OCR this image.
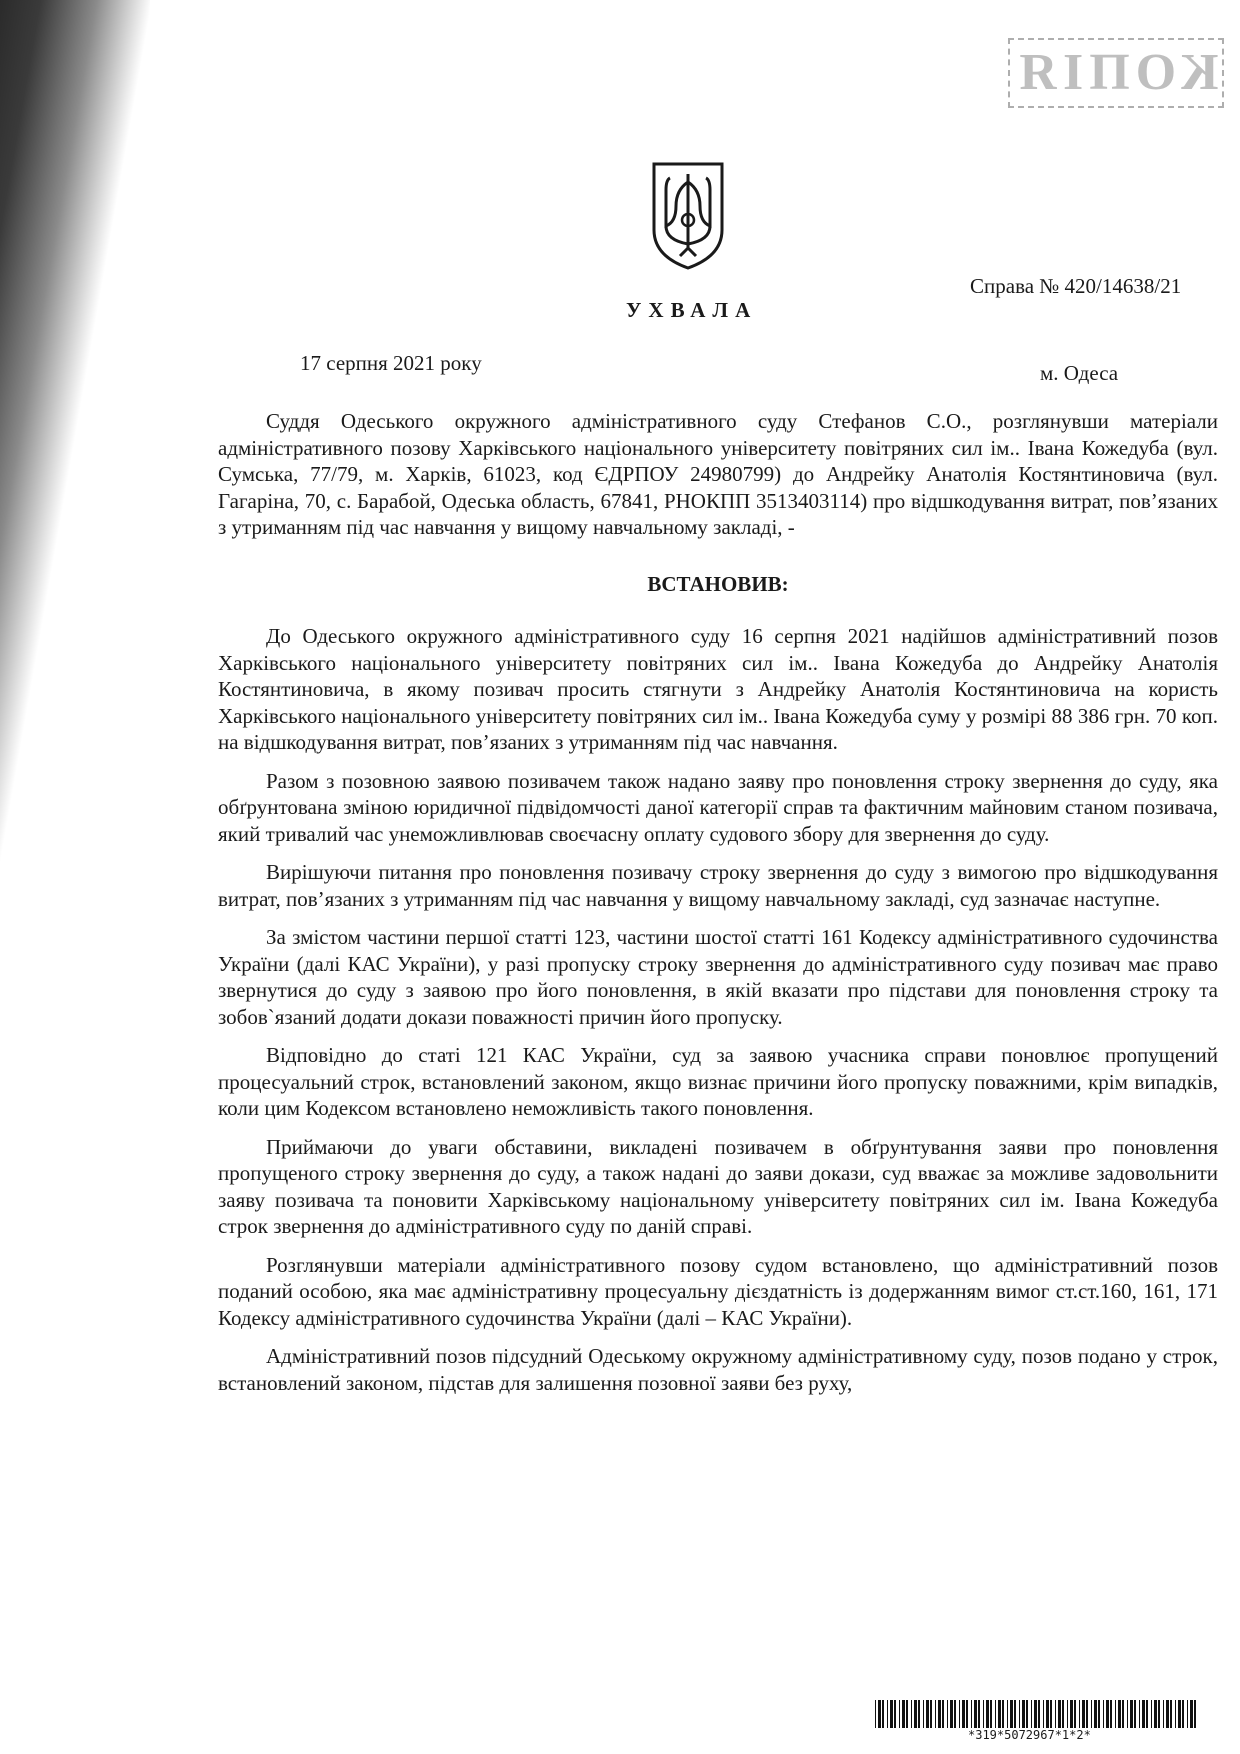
КОПІЯ
Справа № 420/14638/21
УХВАЛА
17 серпня 2021 року	м. Одеса

Суддя Одеського окружного адміністративного суду Стефанов С.О., розглянувши матеріали адміністративного позову Харківського національного університету повітряних сил ім.. Івана Кожедуба (вул. Сумська, 77/79, м. Харків, 61023, код ЄДРПОУ 24980799) до Андрейку Анатолія Костянтиновича (вул. Гагаріна, 70, с. Барабой, Одеська область, 67841, РНОКПП 3513403114) про відшкодування витрат, пов’язаних з утриманням під час навчання у вищому навчальному закладі, -

ВСТАНОВИВ:

До Одеського окружного адміністративного суду 16 серпня 2021 надійшов адміністративний позов Харківського національного університету повітряних сил ім.. Івана Кожедуба до Андрейку Анатолія Костянтиновича, в якому позивач просить стягнути з Андрейку Анатолія Костянтиновича на користь Харківського національного університету повітряних сил ім.. Івана Кожедуба суму у розмірі 88 386 грн. 70 коп. на відшкодування витрат, пов’язаних з утриманням під час навчання.

Разом з позовною заявою позивачем також надано заяву про поновлення строку звернення до суду, яка обґрунтована зміною юридичної підвідомчості даної категорії справ та фактичним майновим станом позивача, який тривалий час унеможливлював своєчасну оплату судового збору для звернення до суду.

Вирішуючи питання про поновлення позивачу строку звернення до суду з вимогою про відшкодування витрат, пов’язаних з утриманням під час навчання у вищому навчальному закладі, суд зазначає наступне.

За змістом частини першої статті 123, частини шостої статті 161 Кодексу адміністративного судочинства України (далі КАС України), у разі пропуску строку звернення до адміністративного суду позивач має право звернутися до суду з заявою про його поновлення, в якій вказати про підстави для поновлення строку та зобов`язаний додати докази поважності причин його пропуску.

Відповідно до статі 121 КАС України, суд за заявою учасника справи поновлює пропущений процесуальний строк, встановлений законом, якщо визнає причини його пропуску поважними, крім випадків, коли цим Кодексом встановлено неможливість такого поновлення.

Приймаючи до уваги обставини, викладені позивачем в обґрунтування заяви про поновлення пропущеного строку звернення до суду, а також надані до заяви докази, суд вважає за можливе задовольнити заяву позивача та поновити Харківському національному університету повітряних сил ім. Івана Кожедуба строк звернення до адміністративного суду по даній справі.

Розглянувши матеріали адміністративного позову судом встановлено, що адміністративний позов поданий особою, яка має адміністративну процесуальну дієздатність із додержанням вимог ст.ст.160, 161, 171 Кодексу адміністративного судочинства України (далі – КАС України).

Адміністративний позов підсудний Одеському окружному адміністративному суду, позов подано у строк, встановлений законом, підстав для залишення позовної заяви без руху,

*319*5072967*1*2*
